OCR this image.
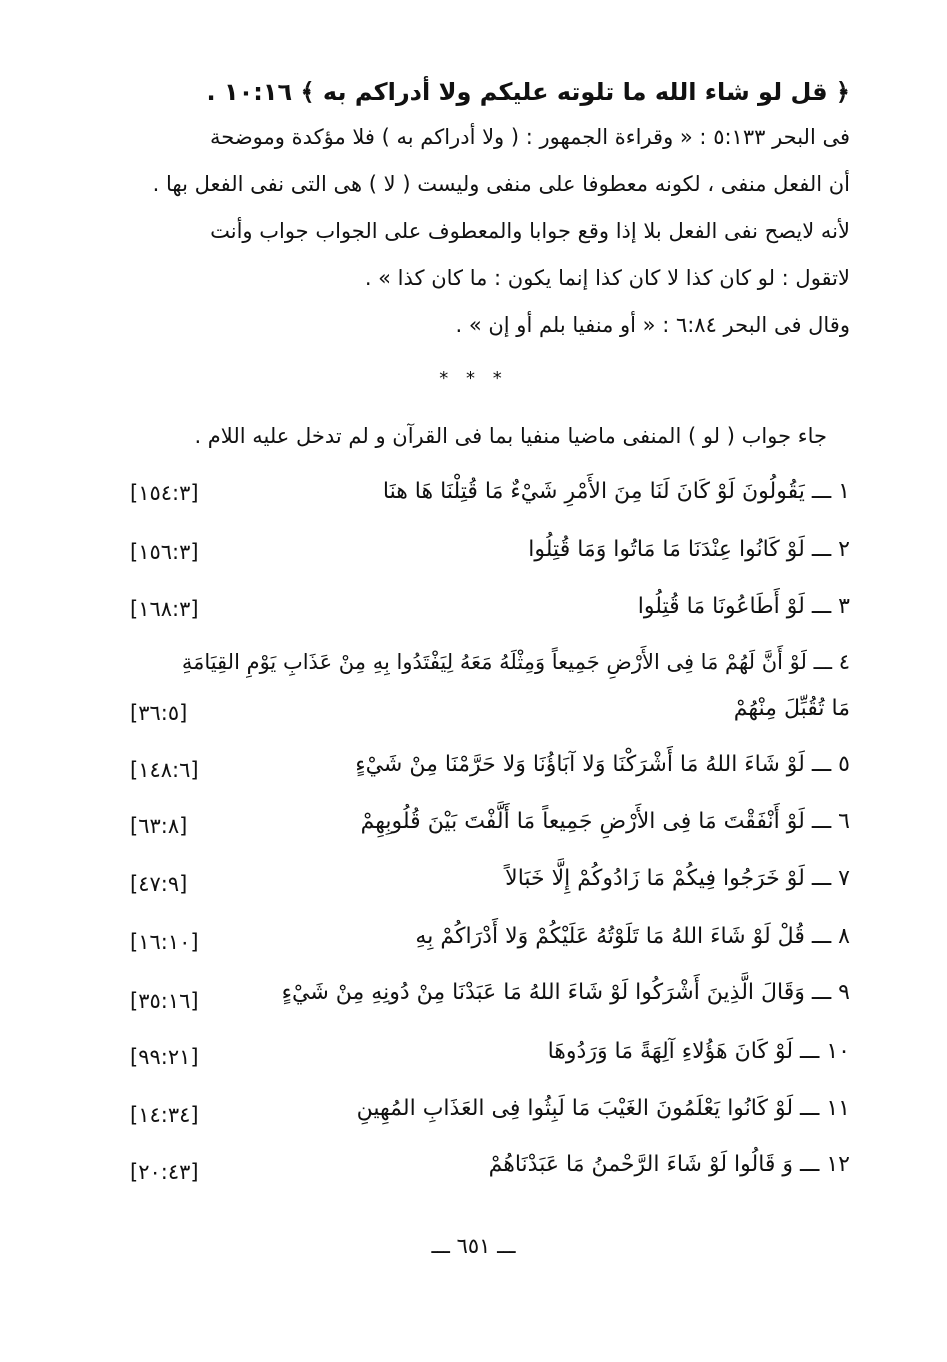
﴿ قل لو شاء الله ما تلوته عليكم ولا أدراكم به ﴾ ١٠:١٦ .
فى البحر ٥:١٣٣ : « وقراءة الجمهور : ( ولا أدراكم به ) فلا مؤكدة وموضحة
أن الفعل منفى ، لكونه معطوفا على منفى وليست ( لا ) هى التى نفى الفعل بها .
لأنه لايصح نفى الفعل بلا إذا وقع جوابا والمعطوف على الجواب جواب وأنت
لاتقول : لو كان كذا لا كان كذا إنما يكون : ما كان كذا » .
وقال فى البحر ٦:٨٤ : « أو منفيا بلم أو إن » .
* * *
جاء جواب ( لو ) المنفى ماضيا منفيا بما فى القرآن و لم تدخل عليه اللام .
١ ـــ يَقُولُونَ لَوْ كَانَ لَنَا مِنَ الأَمْرِ شَيْءٌ مَا قُتِلْنَا هَا هنَا
[١٥٤:٣]
٢ ـــ لَوْ كَانُوا عِنْدَنَا مَا مَاتُوا وَمَا قُتِلُوا
[١٥٦:٣]
٣ ـــ لَوْ أَطَاعُونَا مَا قُتِلُوا
[١٦٨:٣]
٤ ـــ لَوْ أَنَّ لَهُمْ مَا فِى الأَرْضِ جَمِيعاً وَمِثْلَهُ مَعَهُ لِيَفْتَدُوا بِهِ مِنْ عَذَابِ يَوْمِ القِيَامَةِ
مَا تُقُبِّلَ مِنْهُمْ
[٣٦:٥]
٥ ـــ لَوْ شَاءَ اللهُ مَا أَشْرَكْنَا وَلا آبَاؤُنَا وَلا حَرَّمْنَا مِنْ شَيْءٍ
[١٤٨:٦]
٦ ـــ لَوْ أَنْفَقْتَ مَا فِى الأَرْضِ جَمِيعاً مَا أَلَّفْتَ بَيْنَ قُلُوبِهِمْ
[٦٣:٨]
٧ ـــ لَوْ خَرَجُوا فِيكُمْ مَا زَادُوكُمْ إِلَّا خَبَالاً
[٤٧:٩]
٨ ـــ قُلْ لَوْ شَاءَ اللهُ مَا تَلَوْتُهُ عَلَيْكُمْ وَلا أَدْرَاكُمْ بِهِ
[١٦:١٠]
٩ ـــ وَقَالَ الَّذِينَ أَشْرَكُوا لَوْ شَاءَ اللهُ مَا عَبَدْنَا مِنْ دُونِهِ مِنْ شَيْءٍ
[٣٥:١٦]
١٠ ـــ لَوْ كَانَ هَؤُلاءِ آلِهَةً مَا وَرَدُوهَا
[٩٩:٢١]
١١ ـــ لَوْ كَانُوا يَعْلَمُونَ الغَيْبَ مَا لَبِثُوا فِى العَذَابِ المُهِينِ
[١٤:٣٤]
١٢ ـــ وَ قَالُوا لَوْ شَاءَ الرَّحْمنُ مَا عَبَدْنَاهُمْ
[٢٠:٤٣]
ـــ ٦٥١ ـــ
